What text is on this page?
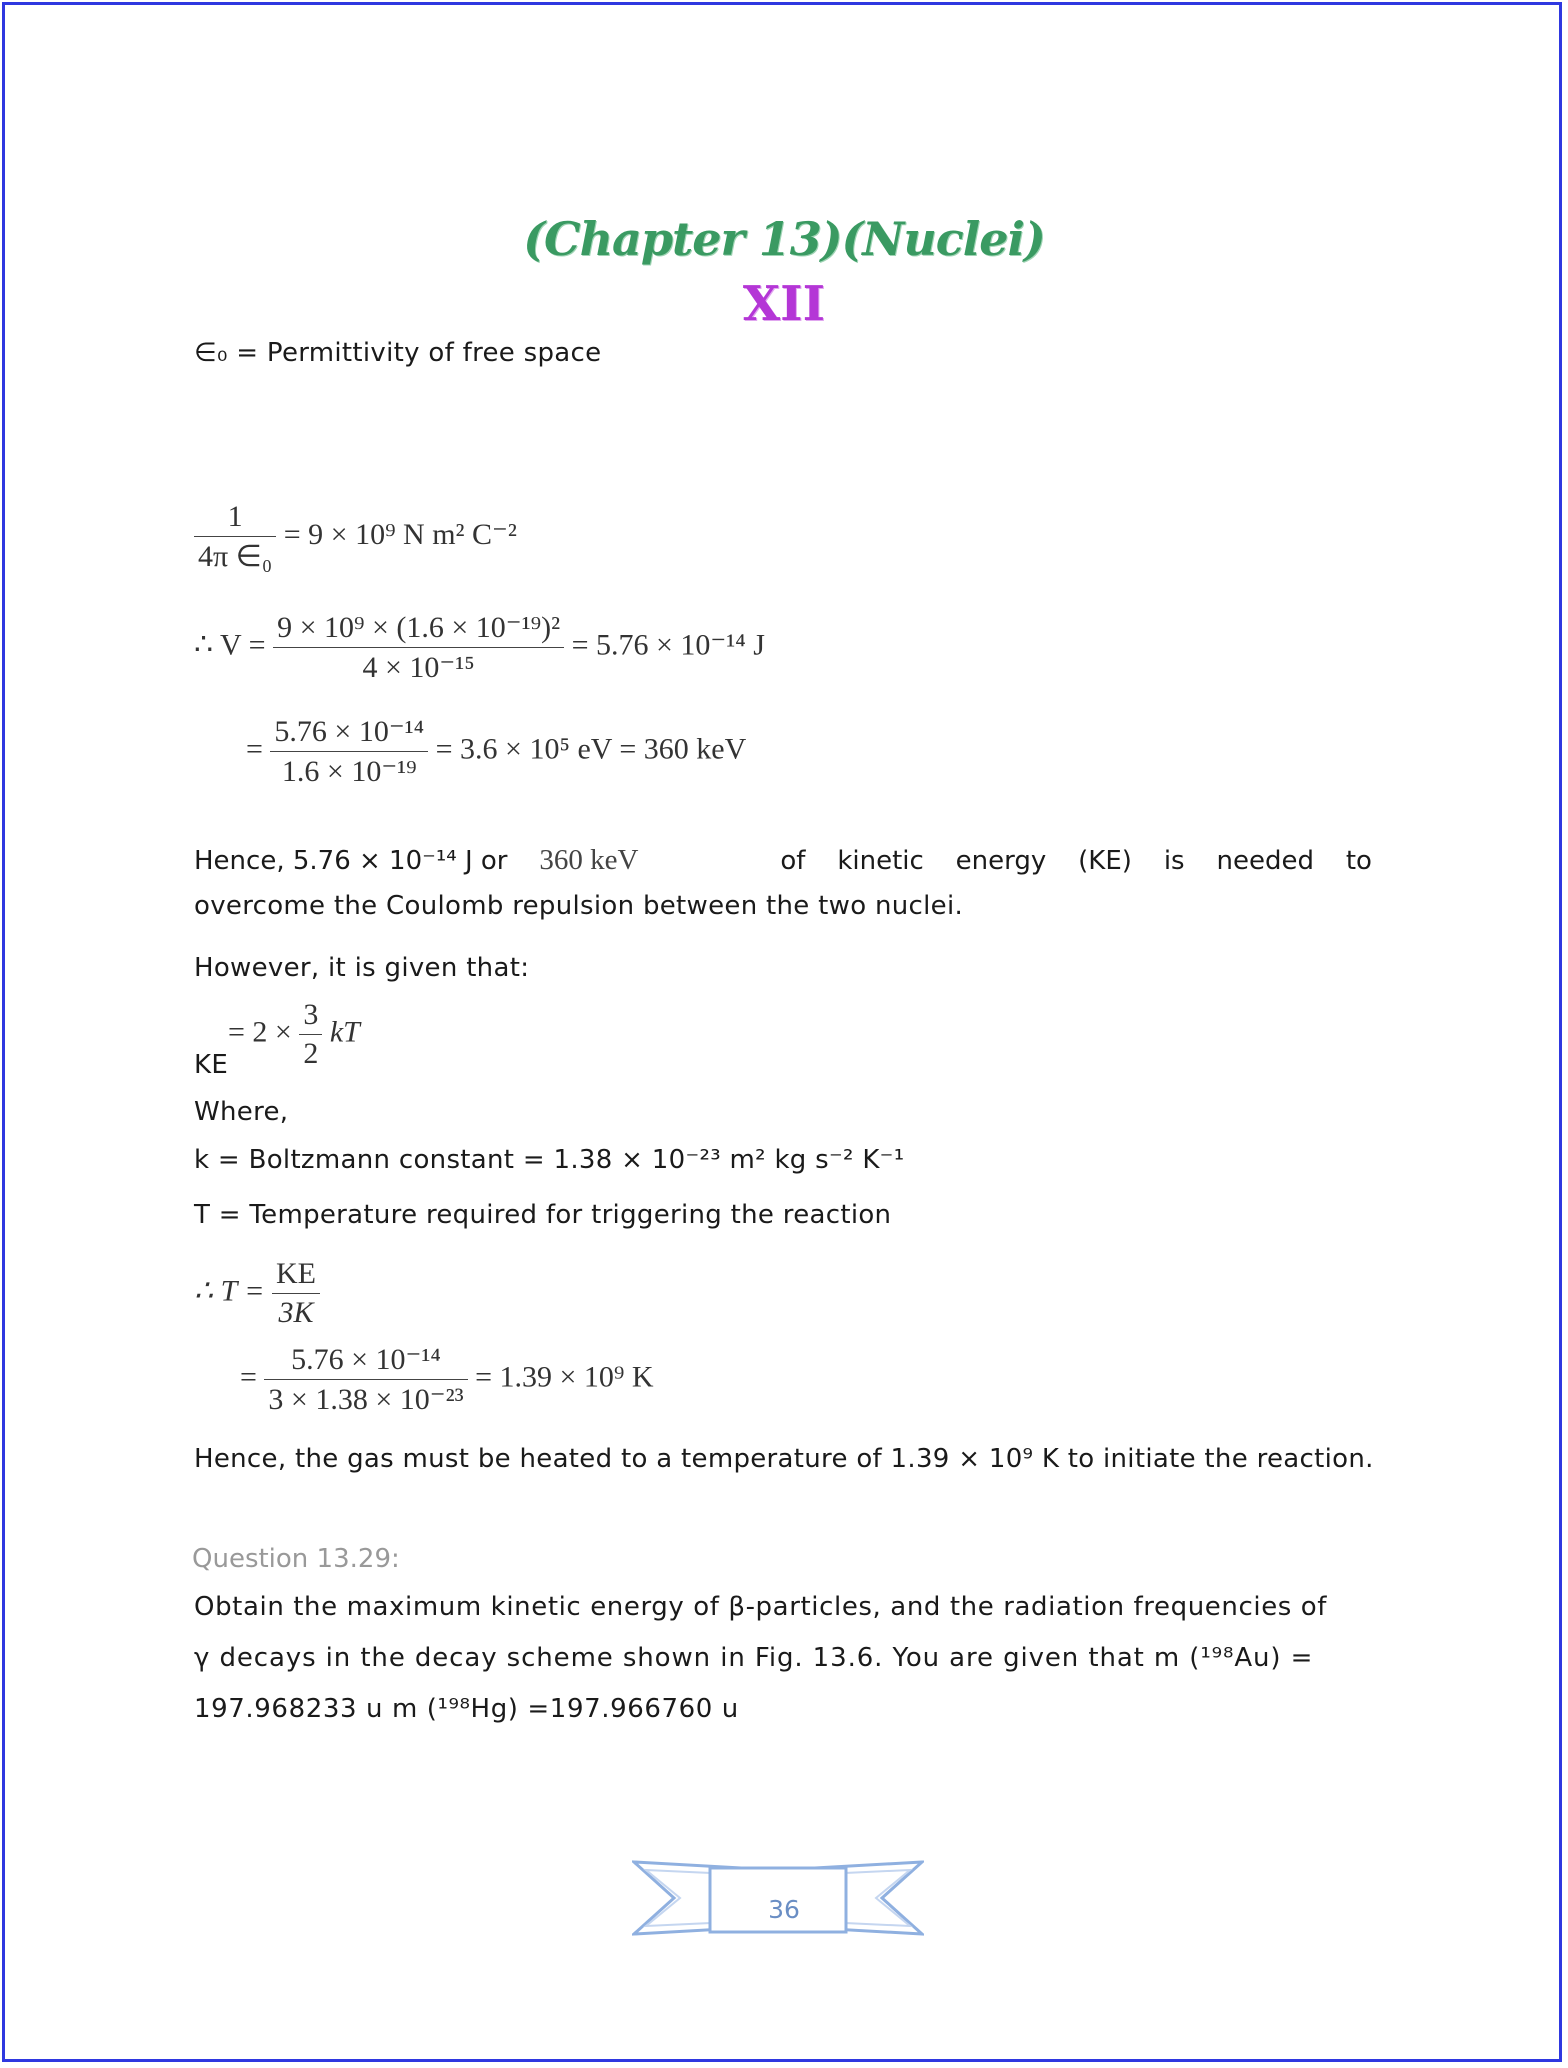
(Chapter 13)(Nuclei)
XII
∈₀ = Permittivity of free space
$\frac{1}{\text{4π ∈₀}} = 9 \times 10^9$ N m² C⁻²
∴ $V = \frac{\text{9 × 10⁹ × (1.6 × 10⁻¹⁹)²}}{\text{4 × 10⁻¹⁵}} = 5.76 \times 10^{-14}$ J
= $\frac{\text{5.76 × 10⁻¹⁴}}{\text{1.6 × 10⁻¹⁹}} = 3.6 \times 10^5$ eV = 360 keV
Hence, 5.76 × 10⁻¹⁴ J or 360 keV	of kinetic energy (KE) is needed to
overcome the Coulomb repulsion between the two nuclei.
However, it is given that:
= $2 \times \frac{3}{2}$ kT
KE
Where,
k = Boltzmann constant = 1.38 × 10⁻²³ m² kg s⁻² K⁻¹
T = Temperature required for triggering the reaction
∴ $T = \frac{KE}{3K}$
= $\frac{\text{5.76 × 10⁻¹⁴}}{\text{3 × 1.38 × 10⁻²³}} = 1.39 \times 10^9$ K
Hence, the gas must be heated to a temperature of 1.39 × 10⁹ K to initiate the reaction.
Question 13.29:
Obtain the maximum kinetic energy of β-particles, and the radiation frequencies of
γ decays in the decay scheme shown in Fig. 13.6. You are given that m (¹⁹⁸Au) =
197.968233 u m (¹⁹⁸Hg) =197.966760 u
36
